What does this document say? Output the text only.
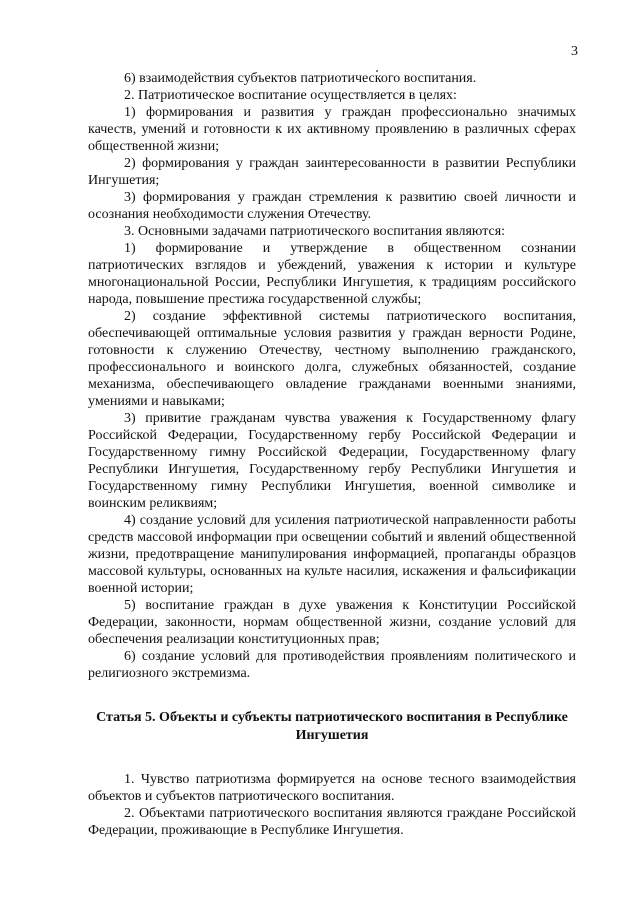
3

6) взаимодействия субъектов патриотического воспитания.

2. Патриотическое воспитание осуществляется в целях:

1) формирования и развития у граждан профессионально значимых качеств, умений и готовности к их активному проявлению в различных сферах общественной жизни;

2) формирования у граждан заинтересованности в развитии Республики Ингушетия;

3) формирования у граждан стремления к развитию своей личности и осознания необходимости служения Отечеству.

3. Основными задачами патриотического воспитания являются:

1) формирование и утверждение в общественном сознании патриотических взглядов и убеждений, уважения к истории и культуре многонациональной России, Республики Ингушетия, к традициям российского народа, повышение престижа государственной службы;

2) создание эффективной системы патриотического воспитания, обеспечивающей оптимальные условия развития у граждан верности Родине, готовности к служению Отечеству, честному выполнению гражданского, профессионального и воинского долга, служебных обязанностей, создание механизма, обеспечивающего овладение гражданами военными знаниями, умениями и навыками;

3) привитие гражданам чувства уважения к Государственному флагу Российской Федерации, Государственному гербу Российской Федерации и Государственному гимну Российской Федерации, Государственному флагу Республики Ингушетия, Государственному гербу Республики Ингушетия и Государственному гимну Республики Ингушетия, военной символике и воинским реликвиям;

4) создание условий для усиления патриотической направленности работы средств массовой информации при освещении событий и явлений общественной жизни, предотвращение манипулирования информацией, пропаганды образцов массовой культуры, основанных на культе насилия, искажения и фальсификации военной истории;

5) воспитание граждан в духе уважения к Конституции Российской Федерации, законности, нормам общественной жизни, создание условий для обеспечения реализации конституционных прав;

6) создание условий для противодействия проявлениям политического и религиозного экстремизма.

Статья 5. Объекты и субъекты патриотического воспитания в Республике Ингушетия

1. Чувство патриотизма формируется на основе тесного взаимодействия объектов и субъектов патриотического воспитания.

2. Объектами патриотического воспитания являются граждане Российской Федерации, проживающие в Республике Ингушетия.
